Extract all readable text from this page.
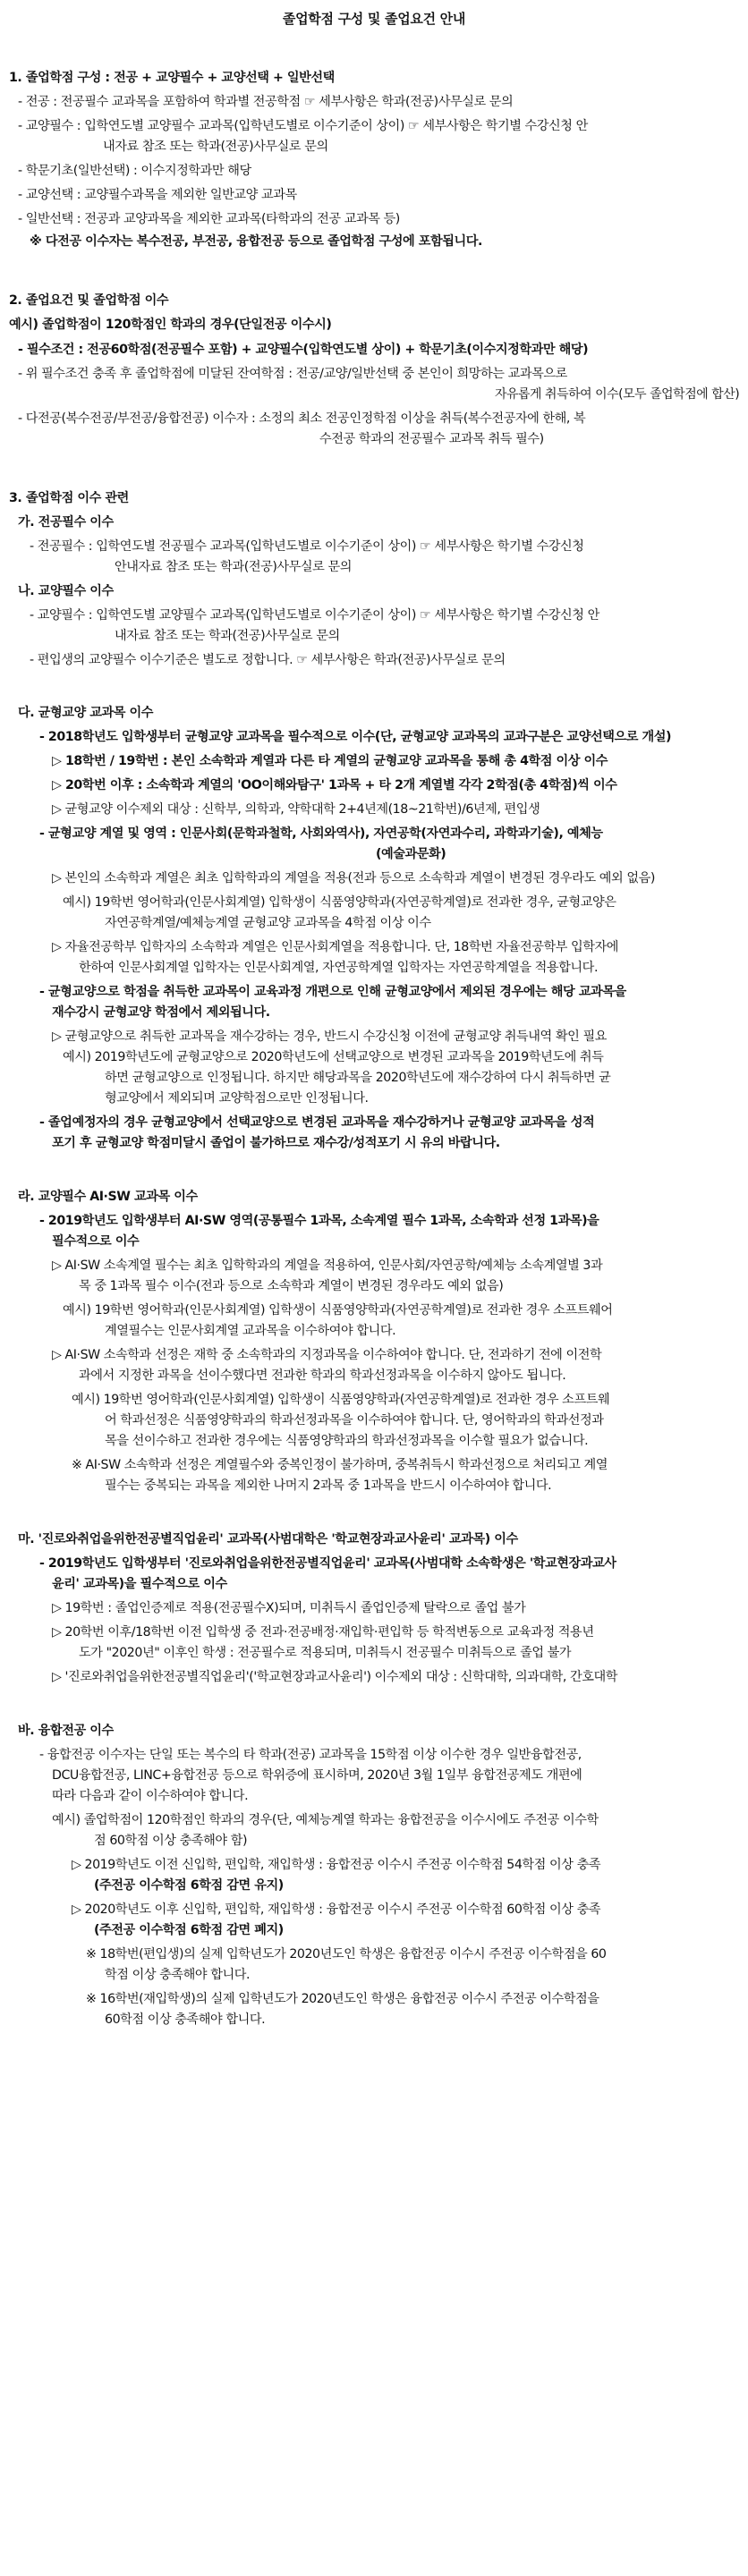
졸업학점 구성 및 졸업요건 안내
1. 졸업학점 구성 : 전공 + 교양필수 + 교양선택 + 일반선택
- 전공 : 전공필수 교과목을 포함하여 학과별 전공학점 ☞ 세부사항은 학과(전공)사무실로 문의
- 교양필수 : 입학연도별 교양필수 교과목(입학년도별로 이수기준이 상이) ☞ 세부사항은 학기별 수강신청 안
내자료 참조 또는 학과(전공)사무실로 문의
- 학문기초(일반선택) : 이수지정학과만 해당
- 교양선택 : 교양필수과목을 제외한 일반교양 교과목
- 일반선택 : 전공과 교양과목을 제외한 교과목(타학과의 전공 교과목 등)
※ 다전공 이수자는 복수전공, 부전공, 융합전공 등으로 졸업학점 구성에 포함됩니다.
2. 졸업요건 및 졸업학점 이수
예시) 졸업학점이 120학점인 학과의 경우(단일전공 이수시)
- 필수조건 : 전공60학점(전공필수 포함) + 교양필수(입학연도별 상이) + 학문기초(이수지정학과만 해당)
- 위 필수조건 충족 후 졸업학점에 미달된 잔여학점 : 전공/교양/일반선택 중 본인이 희망하는 교과목으로
자유롭게 취득하여 이수(모두 졸업학점에 합산)
- 다전공(복수전공/부전공/융합전공) 이수자 : 소정의 최소 전공인정학점 이상을 취득(복수전공자에 한해, 복
수전공 학과의 전공필수 교과목 취득 필수)
3. 졸업학점 이수 관련
가. 전공필수 이수
- 전공필수 : 입학연도별 전공필수 교과목(입학년도별로 이수기준이 상이) ☞ 세부사항은 학기별 수강신청
안내자료 참조 또는 학과(전공)사무실로 문의
나. 교양필수 이수
- 교양필수 : 입학연도별 교양필수 교과목(입학년도별로 이수기준이 상이) ☞ 세부사항은 학기별 수강신청 안
내자료 참조 또는 학과(전공)사무실로 문의
- 편입생의 교양필수 이수기준은 별도로 정합니다. ☞ 세부사항은 학과(전공)사무실로 문의
다. 균형교양 교과목 이수
- 2018학년도 입학생부터 균형교양 교과목을 필수적으로 이수(단, 균형교양 교과목의 교과구분은 교양선택으로 개설)
▷ 18학번 / 19학번 : 본인 소속학과 계열과 다른 타 계열의 균형교양 교과목을 통해 총 4학점 이상 이수
▷ 20학번 이후 : 소속학과 계열의 'OO이해와탐구' 1과목 + 타 2개 계열별 각각 2학점(총 4학점)씩 이수
▷ 균형교양 이수제외 대상 : 신학부, 의학과, 약학대학 2+4년제(18~21학번)/6년제, 편입생
- 균형교양 계열 및 영역 : 인문사회(문학과철학, 사회와역사), 자연공학(자연과수리, 과학과기술), 예체능
(예술과문화)
▷ 본인의 소속학과 계열은 최초 입학학과의 계열을 적용(전과 등으로 소속학과 계열이 변경된 경우라도 예외 없음)
예시) 19학번 영어학과(인문사회계열) 입학생이 식품영양학과(자연공학계열)로 전과한 경우, 균형교양은
자연공학계열/예체능계열 균형교양 교과목을 4학점 이상 이수
▷ 자율전공학부 입학자의 소속학과 계열은 인문사회계열을 적용합니다. 단, 18학번 자율전공학부 입학자에
한하여 인문사회계열 입학자는 인문사회계열, 자연공학계열 입학자는 자연공학계열을 적용합니다.
- 균형교양으로 학점을 취득한 교과목이 교육과정 개편으로 인해 균형교양에서 제외된 경우에는 해당 교과목을
재수강시 균형교양 학점에서 제외됩니다.
▷ 균형교양으로 취득한 교과목을 재수강하는 경우, 반드시 수강신청 이전에 균형교양 취득내역 확인 필요
예시) 2019학년도에 균형교양으로 2020학년도에 선택교양으로 변경된 교과목을 2019학년도에 취득
하면 균형교양으로 인정됩니다. 하지만 해당과목을 2020학년도에 재수강하여 다시 취득하면 균
형교양에서 제외되며 교양학점으로만 인정됩니다.
- 졸업예정자의 경우 균형교양에서 선택교양으로 변경된 교과목을 재수강하거나 균형교양 교과목을 성적
포기 후 균형교양 학점미달시 졸업이 불가하므로 재수강/성적포기 시 유의 바랍니다.
라. 교양필수 AI·SW 교과목 이수
- 2019학년도 입학생부터 AI·SW 영역(공통필수 1과목, 소속계열 필수 1과목, 소속학과 선정 1과목)을
필수적으로 이수
▷ AI·SW 소속계열 필수는 최초 입학학과의 계열을 적용하여, 인문사회/자연공학/예체능 소속계열별 3과
목 중 1과목 필수 이수(전과 등으로 소속학과 계열이 변경된 경우라도 예외 없음)
예시) 19학번 영어학과(인문사회계열) 입학생이 식품영양학과(자연공학계열)로 전과한 경우 소프트웨어
계열필수는 인문사회계열 교과목을 이수하여야 합니다.
▷ AI·SW 소속학과 선정은 재학 중 소속학과의 지정과목을 이수하여야 합니다. 단, 전과하기 전에 이전학
과에서 지정한 과목을 선이수했다면 전과한 학과의 학과선정과목을 이수하지 않아도 됩니다.
예시) 19학번 영어학과(인문사회계열) 입학생이 식품영양학과(자연공학계열)로 전과한 경우 소프트웨
어 학과선정은 식품영양학과의 학과선정과목을 이수하여야 합니다. 단, 영어학과의 학과선정과
목을 선이수하고 전과한 경우에는 식품영양학과의 학과선정과목을 이수할 필요가 없습니다.
※ AI·SW 소속학과 선정은 계열필수와 중복인정이 불가하며, 중복취득시 학과선정으로 처리되고 계열
필수는 중복되는 과목을 제외한 나머지 2과목 중 1과목을 반드시 이수하여야 합니다.
마. '진로와취업을위한전공별직업윤리' 교과목(사범대학은 '학교현장과교사윤리' 교과목) 이수
- 2019학년도 입학생부터 '진로와취업을위한전공별직업윤리' 교과목(사범대학 소속학생은 '학교현장과교사
윤리' 교과목)을 필수적으로 이수
▷ 19학번 : 졸업인증제로 적용(전공필수X)되며, 미취득시 졸업인증제 탈락으로 졸업 불가
▷ 20학번 이후/18학번 이전 입학생 중 전과·전공배정·재입학·편입학 등 학적변동으로 교육과정 적용년
도가 "2020년" 이후인 학생 : 전공필수로 적용되며, 미취득시 전공필수 미취득으로 졸업 불가
▷ '진로와취업을위한전공별직업윤리'('학교현장과교사윤리') 이수제외 대상 : 신학대학, 의과대학, 간호대학
바. 융합전공 이수
- 융합전공 이수자는 단일 또는 복수의 타 학과(전공) 교과목을 15학점 이상 이수한 경우 일반융합전공,
DCU융합전공, LINC+융합전공 등으로 학위증에 표시하며, 2020년 3월 1일부 융합전공제도 개편에
따라 다음과 같이 이수하여야 합니다.
예시) 졸업학점이 120학점인 학과의 경우(단, 예체능계열 학과는 융합전공을 이수시에도 주전공 이수학
점 60학점 이상 충족해야 함)
▷ 2019학년도 이전 신입학, 편입학, 재입학생 : 융합전공 이수시 주전공 이수학점 54학점 이상 충족
(주전공 이수학점 6학점 감면 유지)
▷ 2020학년도 이후 신입학, 편입학, 재입학생 : 융합전공 이수시 주전공 이수학점 60학점 이상 충족
(주전공 이수학점 6학점 감면 폐지)
※ 18학번(편입생)의 실제 입학년도가 2020년도인 학생은 융합전공 이수시 주전공 이수학점을 60
학점 이상 충족해야 합니다.
※ 16학번(재입학생)의 실제 입학년도가 2020년도인 학생은 융합전공 이수시 주전공 이수학점을
60학점 이상 충족해야 합니다.
